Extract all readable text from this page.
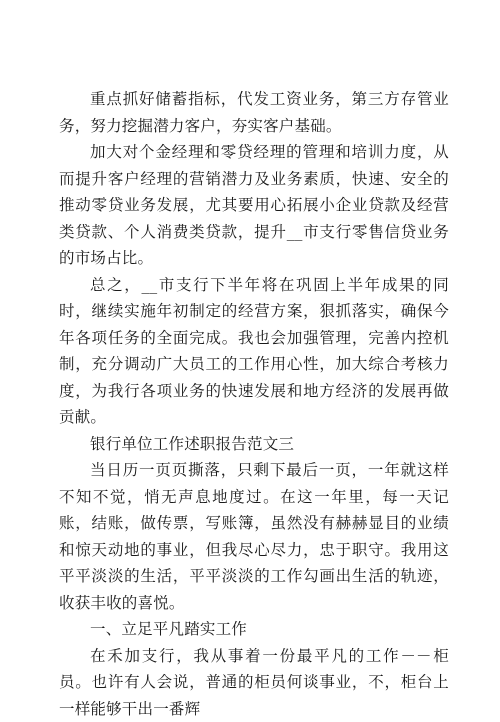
重点抓好储蓄指标，代发工资业务，第三方存管业务，努力挖掘潜力客户，夯实客户基础。

加大对个金经理和零贷经理的管理和培训力度，从而提升客户经理的营销潜力及业务素质，快速、安全的推动零贷业务发展，尤其要用心拓展小企业贷款及经营类贷款、个人消费类贷款，提升__市支行零售信贷业务的市场占比。

总之，__市支行下半年将在巩固上半年成果的同时，继续实施年初制定的经营方案，狠抓落实，确保今年各项任务的全面完成。我也会加强管理，完善内控机制，充分调动广大员工的工作用心性，加大综合考核力度，为我行各项业务的快速发展和地方经济的发展再做贡献。

银行单位工作述职报告范文三

当日历一页页撕落，只剩下最后一页，一年就这样不知不觉，悄无声息地度过。在这一年里，每一天记账，结账，做传票，写账簿，虽然没有赫赫显目的业绩和惊天动地的事业，但我尽心尽力，忠于职守。我用这平平淡淡的生活，平平淡淡的工作勾画出生活的轨迹，收获丰收的喜悦。

一、立足平凡踏实工作

在禾加支行，我从事着一份最平凡的工作－－柜员。也许有人会说，普通的柜员何谈事业，不，柜台上一样能够干出一番辉
